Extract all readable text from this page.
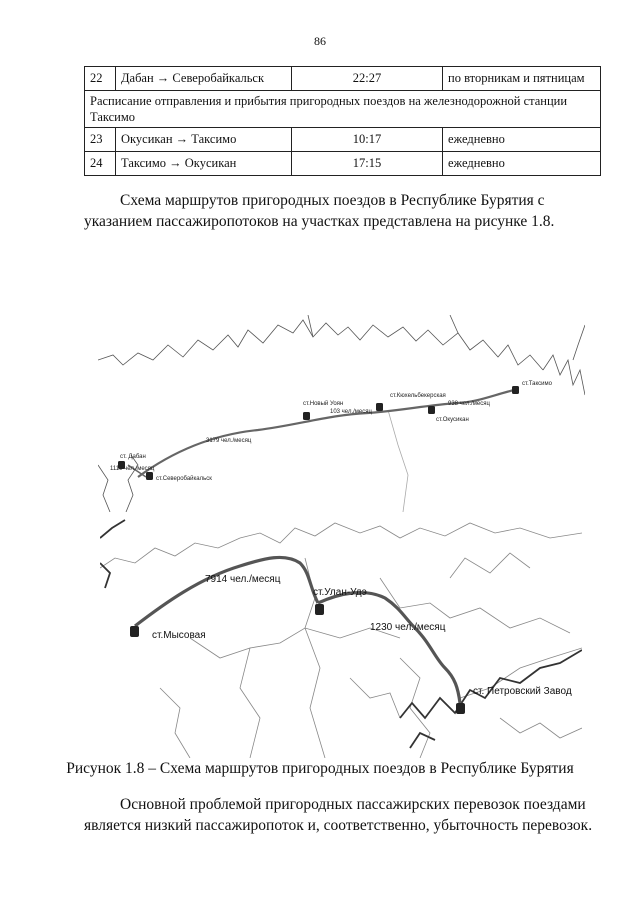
86
22	Дабан → Северобайкальск	22:27	по вторникам и пятницам
Расписание отправления и прибытия пригородных поездов на железнодорожной станции Таксимо			
23	Окусикан → Таксимо	10:17	ежедневно
24	Таксимо → Окусикан	17:15	ежедневно
Схема маршрутов пригородных поездов в Республике Бурятия с
указанием пассажиропотоков на участках представлена на рисунке 1.8.
ст. Дабан
1119 чел./месяц
ст.Северобайкальск
3179 чел./месяц
ст.Новый Уоян
103 чел./месяц
ст.Кюхельбекерская
938 чел./месяц
ст.Окусикан
ст.Таксимо
7914 чел./месяц
ст.Улан-Удэ
ст.Мысовая
1230 чел./месяц
ст. Петровский Завод
Рисунок 1.8 – Схема маршрутов пригородных поездов в Республике Бурятия
Основной проблемой пригородных пассажирских перевозок поездами
является низкий пассажиропоток и, соответственно, убыточность перевозок.
